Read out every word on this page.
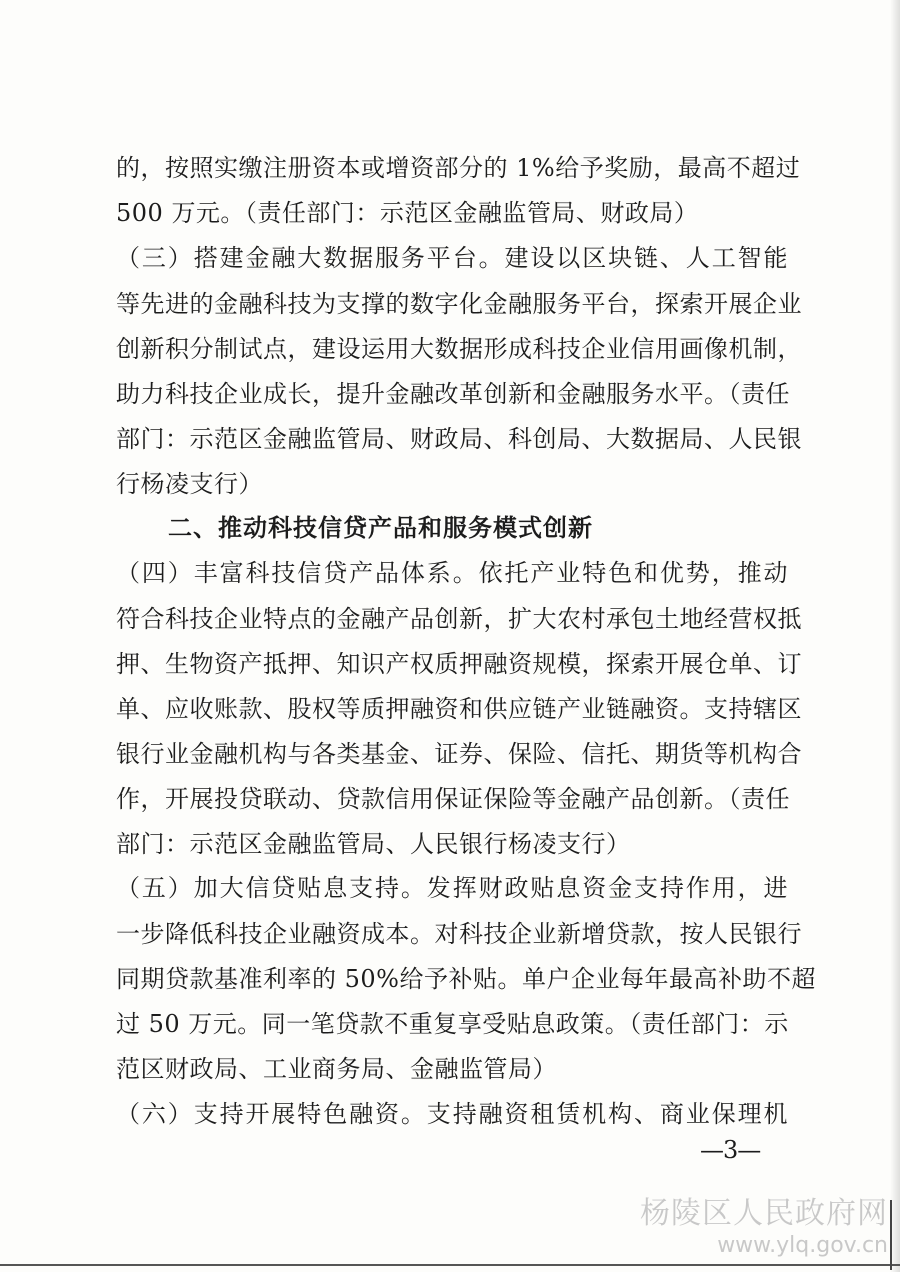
的，按照实缴注册资本或增资部分的 1%给予奖励，最高不超过
500 万元。（责任部门：示范区金融监管局、财政局）
（三）搭建金融大数据服务平台。建设以区块链、人工智能
等先进的金融科技为支撑的数字化金融服务平台，探索开展企业
创新积分制试点，建设运用大数据形成科技企业信用画像机制，
助力科技企业成长，提升金融改革创新和金融服务水平。（责任
部门：示范区金融监管局、财政局、科创局、大数据局、人民银
行杨凌支行）
二、推动科技信贷产品和服务模式创新
（四）丰富科技信贷产品体系。依托产业特色和优势，推动
符合科技企业特点的金融产品创新，扩大农村承包土地经营权抵
押、生物资产抵押、知识产权质押融资规模，探索开展仓单、订
单、应收账款、股权等质押融资和供应链产业链融资。支持辖区
银行业金融机构与各类基金、证券、保险、信托、期货等机构合
作，开展投贷联动、贷款信用保证保险等金融产品创新。（责任
部门：示范区金融监管局、人民银行杨凌支行）
（五）加大信贷贴息支持。发挥财政贴息资金支持作用，进
一步降低科技企业融资成本。对科技企业新增贷款，按人民银行
同期贷款基准利率的 50%给予补贴。单户企业每年最高补助不超
过 50 万元。同一笔贷款不重复享受贴息政策。（责任部门：示
范区财政局、工业商务局、金融监管局）
（六）支持开展特色融资。支持融资租赁机构、商业保理机
—3—
杨陵区人民政府网
www.ylq.gov.cn
